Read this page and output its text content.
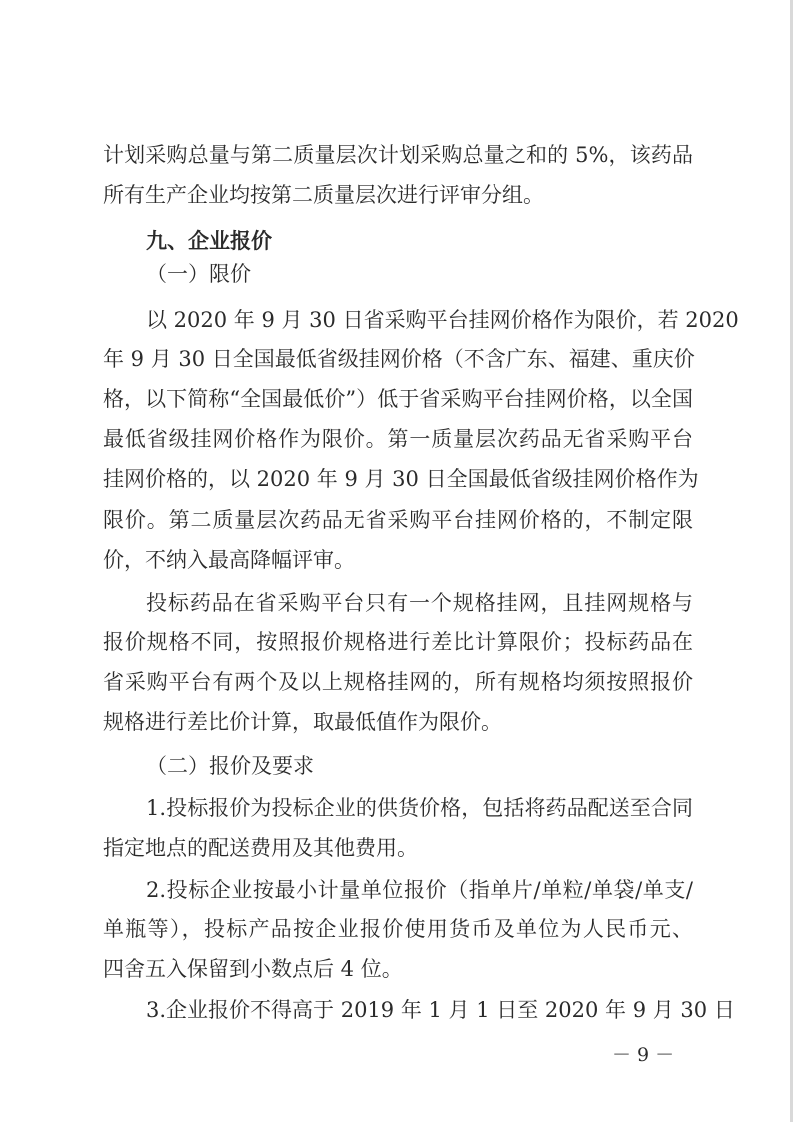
计划采购总量与第二质量层次计划采购总量之和的 5%，该药品
所有生产企业均按第二质量层次进行评审分组。
九、企业报价
（一）限价
以 2020 年 9 月 30 日省采购平台挂网价格作为限价，若 2020
年 9 月 30 日全国最低省级挂网价格（不含广东、福建、重庆价
格，以下简称“全国最低价”）低于省采购平台挂网价格，以全国
最低省级挂网价格作为限价。第一质量层次药品无省采购平台
挂网价格的，以 2020 年 9 月 30 日全国最低省级挂网价格作为
限价。第二质量层次药品无省采购平台挂网价格的，不制定限
价，不纳入最高降幅评审。
投标药品在省采购平台只有一个规格挂网，且挂网规格与
报价规格不同，按照报价规格进行差比计算限价；投标药品在
省采购平台有两个及以上规格挂网的，所有规格均须按照报价
规格进行差比价计算，取最低值作为限价。
（二）报价及要求
1.投标报价为投标企业的供货价格，包括将药品配送至合同
指定地点的配送费用及其他费用。
2.投标企业按最小计量单位报价（指单片/单粒/单袋/单支/
单瓶等），投标产品按企业报价使用货币及单位为人民币元、
四舍五入保留到小数点后 4 位。
3.企业报价不得高于 2019 年 1 月 1 日至 2020 年 9 月 30 日
－ 9 －
